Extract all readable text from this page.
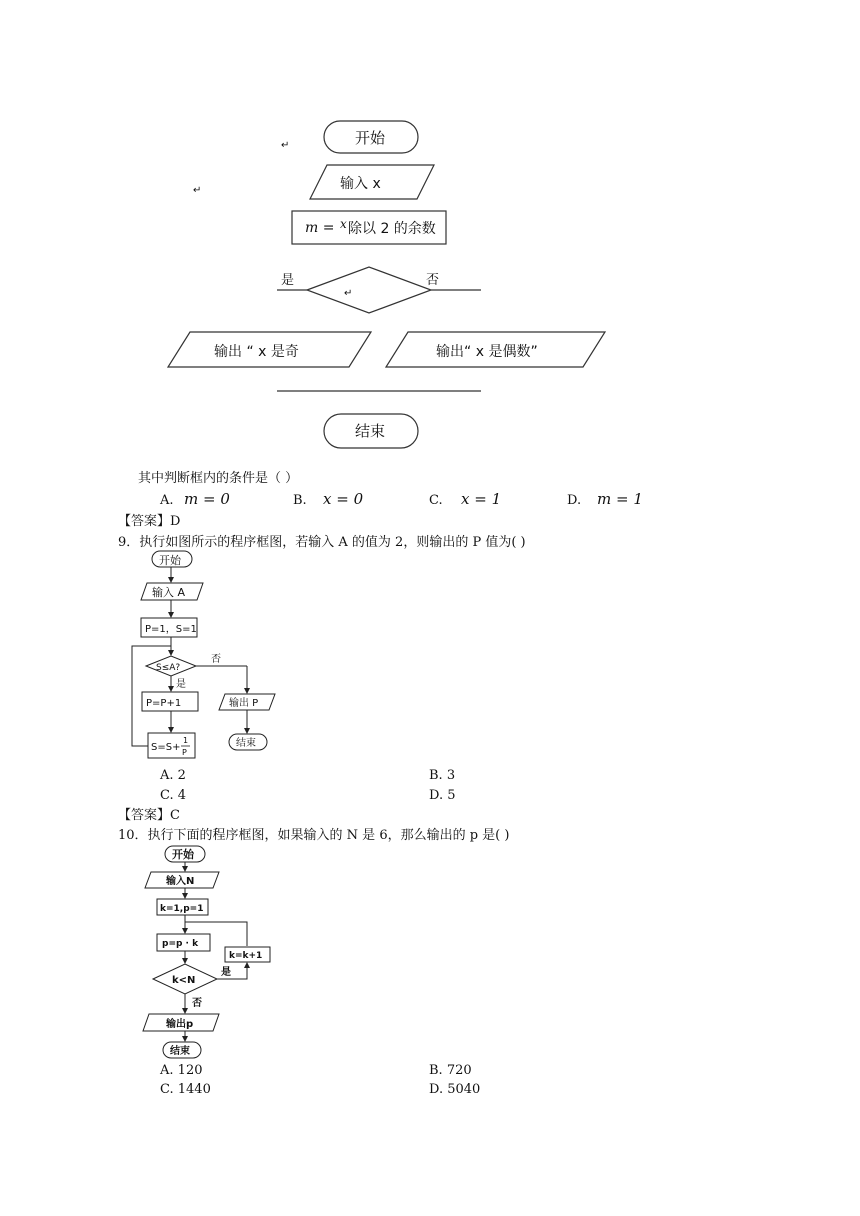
↵
↵
↵
开始
输入 x
m = x 除以 2 的余数
是	否
输出 “ x 是奇	输出“ x 是偶数”
结束
其中判断框内的条件是（ ）
A. m = 0	B. x = 0	C. x = 1	D. m = 1
【答案】D
9．执行如图所示的程序框图，若输入 A 的值为 2，则输出的 P 值为( )
开始
输入 A
P=1，S=1
S≤A?
否
是
P=P+1
S=S+
1
P
输出 P
结束
A. 2	B. 3
C. 4	D. 5
【答案】C
10．执行下面的程序框图，如果输入的 N 是 6，那么输出的 p 是( )
开始
输入N
k=1,p=1
p=p · k
k<N
k=k+1
是
否
输出p
结束
A. 120	B. 720
C. 1440	D. 5040
